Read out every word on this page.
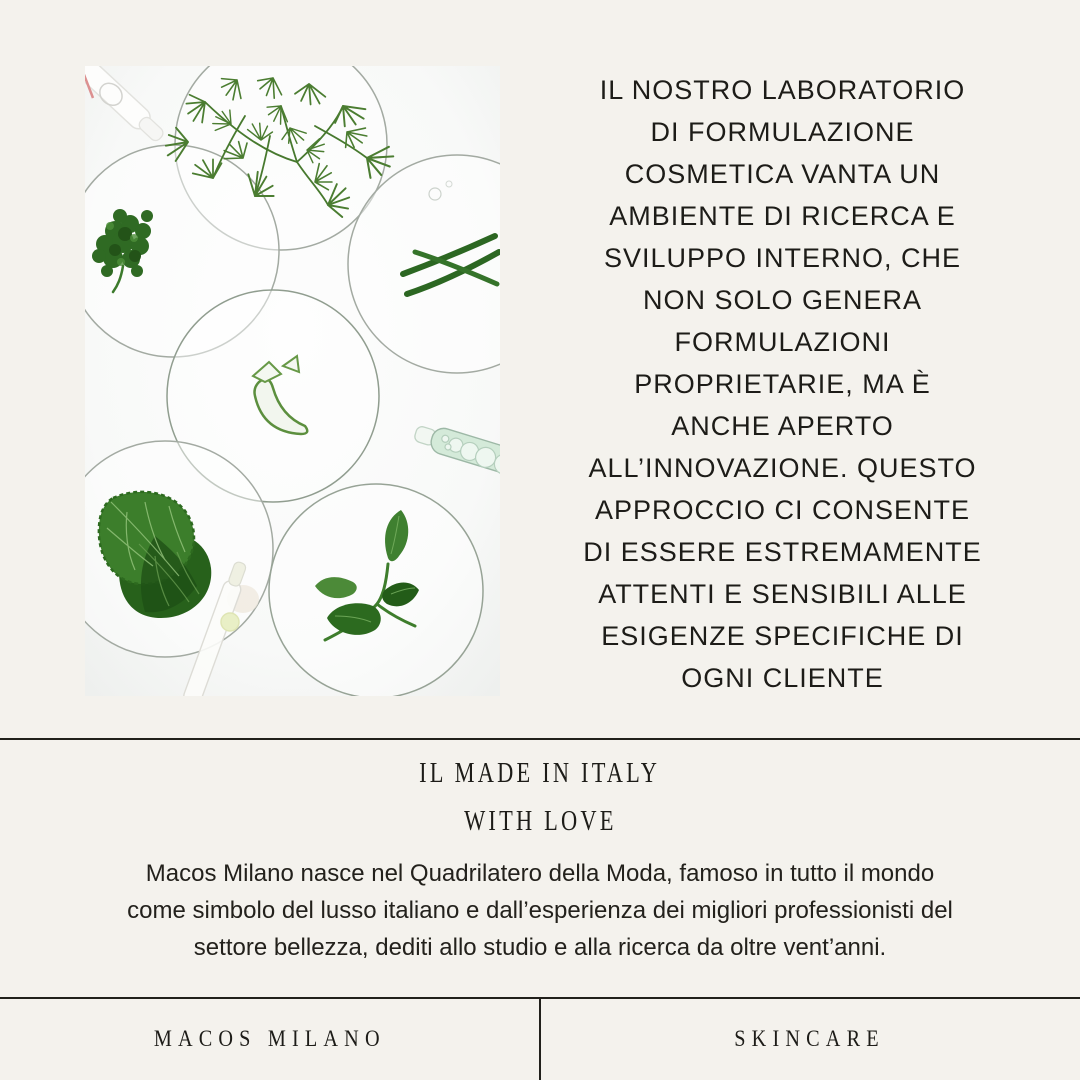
IL NOSTRO LABORATORIO
DI FORMULAZIONE
COSMETICA VANTA UN
AMBIENTE DI RICERCA E
SVILUPPO INTERNO, CHE
NON SOLO GENERA
FORMULAZIONI
PROPRIETARIE, MA È
ANCHE APERTO
ALL’INNOVAZIONE. QUESTO
APPROCCIO CI CONSENTE
DI ESSERE ESTREMAMENTE
ATTENTI E SENSIBILI ALLE
ESIGENZE SPECIFICHE DI
OGNI CLIENTE
IL MADE IN ITALY
WITH LOVE
Macos Milano nasce nel Quadrilatero della Moda, famoso in tutto il mondo
come simbolo del lusso italiano e dall’esperienza dei migliori professionisti del
settore bellezza, dediti allo studio e alla ricerca da oltre vent’anni.
MACOS MILANO	SKINCARE
